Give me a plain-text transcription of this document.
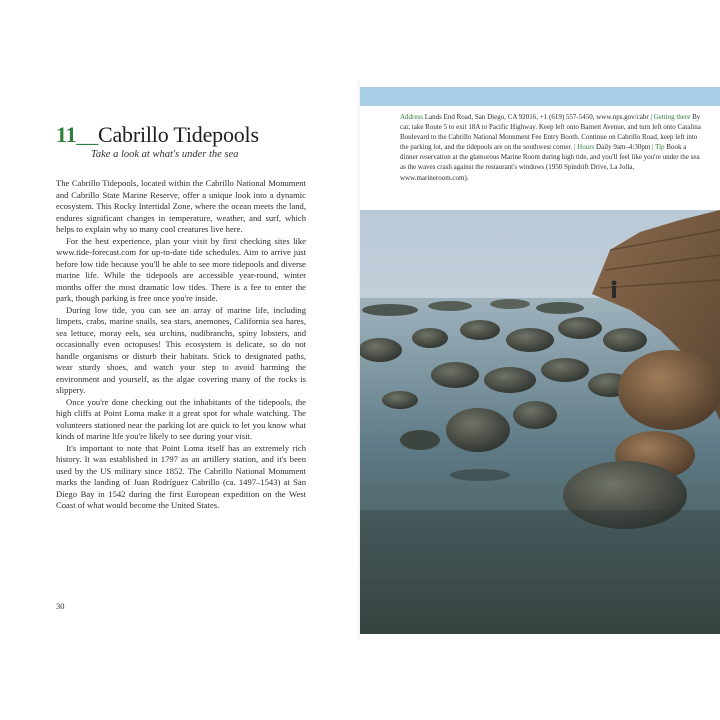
11__Cabrillo Tidepools

Take a look at what's under the sea

The Cabrillo Tidepools, located within the Cabrillo National Monument and Cabrillo State Marine Reserve, offer a unique look into a dynamic ecosystem. This Rocky Intertidal Zone, where the ocean meets the land, endures significant changes in temperature, weather, and surf, which helps to explain why so many cool creatures live here.

For the best experience, plan your visit by first checking sites like www.tide-forecast.com for up-to-date tide schedules. Aim to arrive just before low tide because you'll be able to see more tidepools and diverse marine life. While the tidepools are accessible year-round, winter months offer the most dramatic low tides. There is a fee to enter the park, though parking is free once you're inside.

During low tide, you can see an array of marine life, including limpets, crabs, marine snails, sea stars, anemones, California sea hares, sea lettuce, moray eels, sea urchins, nudibranchs, spiny lobsters, and occasionally even octopuses! This ecosystem is delicate, so do not handle organisms or disturb their habitats. Stick to designated paths, wear sturdy shoes, and watch your step to avoid harming the environment and yourself, as the algae covering many of the rocks is slippery.

Once you're done checking out the inhabitants of the tidepools, the high cliffs at Point Loma make it a great spot for whale watching. The volunteers stationed near the parking lot are quick to let you know what kinds of marine life you're likely to see during your visit.

It's important to note that Point Loma itself has an extremely rich history. It was established in 1797 as an artillery station, and it's been used by the US military since 1852. The Cabrillo National Monument marks the landing of Juan Rodríguez Cabrillo (ca. 1497–1543) at San Diego Bay in 1542 during the first European expedition on the West Coast of what would become the United States.

30

Address Lands End Road, San Diego, CA 92016, +1 (619) 557-5450, www.nps.gov/cabr | Getting there By car, take Route 5 to exit 18A to Pacific Highway. Keep left onto Barnett Avenue, and turn left onto Catalina Boulevard to the Cabrillo National Monument Fee Entry Booth. Continue on Cabrillo Road, keep left into the parking lot, and the tidepools are on the southwest corner. | Hours Daily 9am–4:30pm | Tip Book a dinner reservation at the glamorous Marine Room during high tide, and you'll feel like you're under the sea as the waves crash against the restaurant's windows (1950 Spindrift Drive, La Jolla, www.marineroom.com).
